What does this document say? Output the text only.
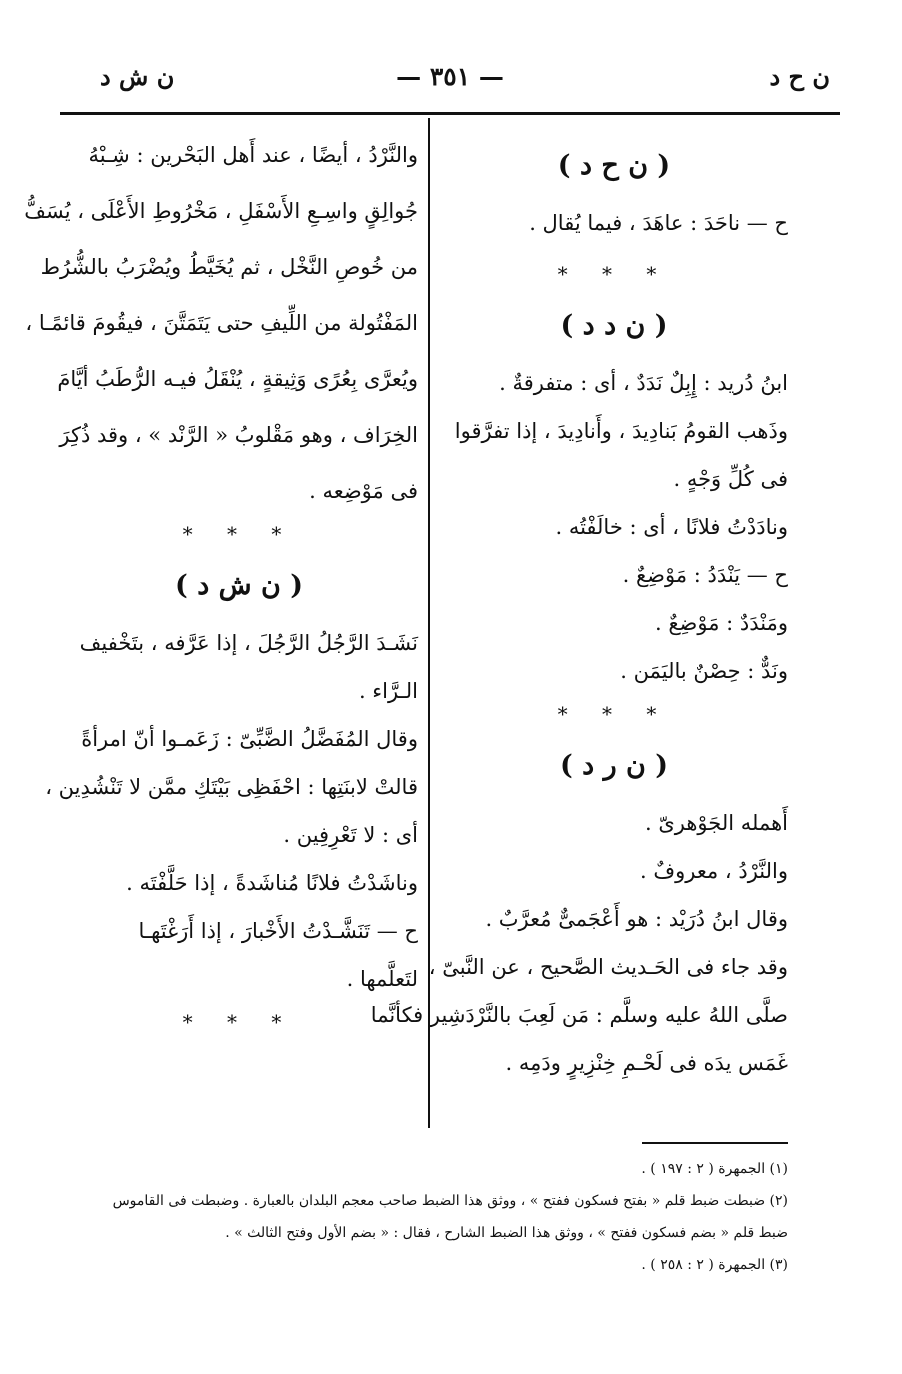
ن ش د	— ٣٥١ —	ن ح د
( ن ح د )
ح — ناحَدَ : عاهَدَ ، فيما يُقال .
* * *
( ن د د )
ابنُ دُريد : إِبِلٌ نَدَدٌ ، أى : متفرقةٌ .
وذَهب القومُ بَنادِيدَ ، وأَنادِيدَ ، إذا تفرَّقوا
فى كُلِّ وَجْهٍ .
ونادَدْتُ فلانًا ، أى : خالَفْتُه .
ح — يَنْدَدُ : مَوْضِعٌ .
ومَنْدَدٌ : مَوْضِعٌ .
ونَدٌّ : حِصْنٌ باليَمَن .
* * *
( ن ر د )
أَهمله الجَوْهرىّ .
والنَّرْدُ ، معروفٌ .
وقال ابنُ دُرَيْد : هو أَعْجَمىٌّ مُعرَّبٌ .
وقد جاء فى الحَـديث الصَّحيح ، عن النَّبىّ ،
صلَّى اللهُ عليه وسلَّم : مَن لَعِبَ بالنَّرْدَشِير فكأنَّما
غَمَس يدَه فى لَحْـمِ خِنْزِيرٍ ودَمِه .
والنَّرْدُ ، أيضًا ، عند أَهل البَحْرين : شِـبْهُ
جُوالِقٍ واسِـعِ الأَسْفَلِ ، مَخْرُوطِ الأَعْلَى ، يُسَفُّ
من خُوصِ النَّخْل ، ثم يُخَيَّطُ ويُضْرَبُ بالشُّرُط
المَفْتُولة من اللِّيفِ حتى يَتَمَتَّنَ ، فيقُومَ قائمًـا ،
ويُعرَّى بِعُرًى وَثِيقةٍ ، يُنْقَلُ فيـه الرُّطَبُ أيَّامَ
الخِرَاف ، وهو مَقْلوبُ « الرَّنْد » ، وقد ذُكِرَ
فى مَوْضِعه .
* * *
( ن ش د )
نَشَـدَ الرَّجُلُ الرَّجُلَ ، إذا عَرَّفه ، بتَخْفيف
الـرَّاء .
وقال المُفَضَّلُ الضَّبِّىّ : زَعَمـوا أنّ امرأةً
قالتْ لابنَتِها : احْفَظِى بَيْتَكِ ممَّن لا تَنْشُدِين ،
أى : لا تَعْرِفِين .
وناشَدْتُ فلانًا مُناشَدةً ، إذا حَلَّفْتَه .
ح — تَنَشَّـدْتُ الأَخْبارَ ، إذا أَرَغْتَهـا
لتَعلَّمها .
* * *
(١) الجمهرة ( ٢ : ١٩٧ ) .
(٢) ضبطت ضبط قلم « بفتح فسكون ففتح » ، ووثق هذا الضبط صاحب معجم البلدان بالعبارة . وضبطت فى القاموس
ضبط قلم « بضم فسكون ففتح » ، ووثق هذا الضبط الشارح ، فقال : « بضم الأول وفتح الثالث » .
(٣) الجمهرة ( ٢ : ٢٥٨ ) .
